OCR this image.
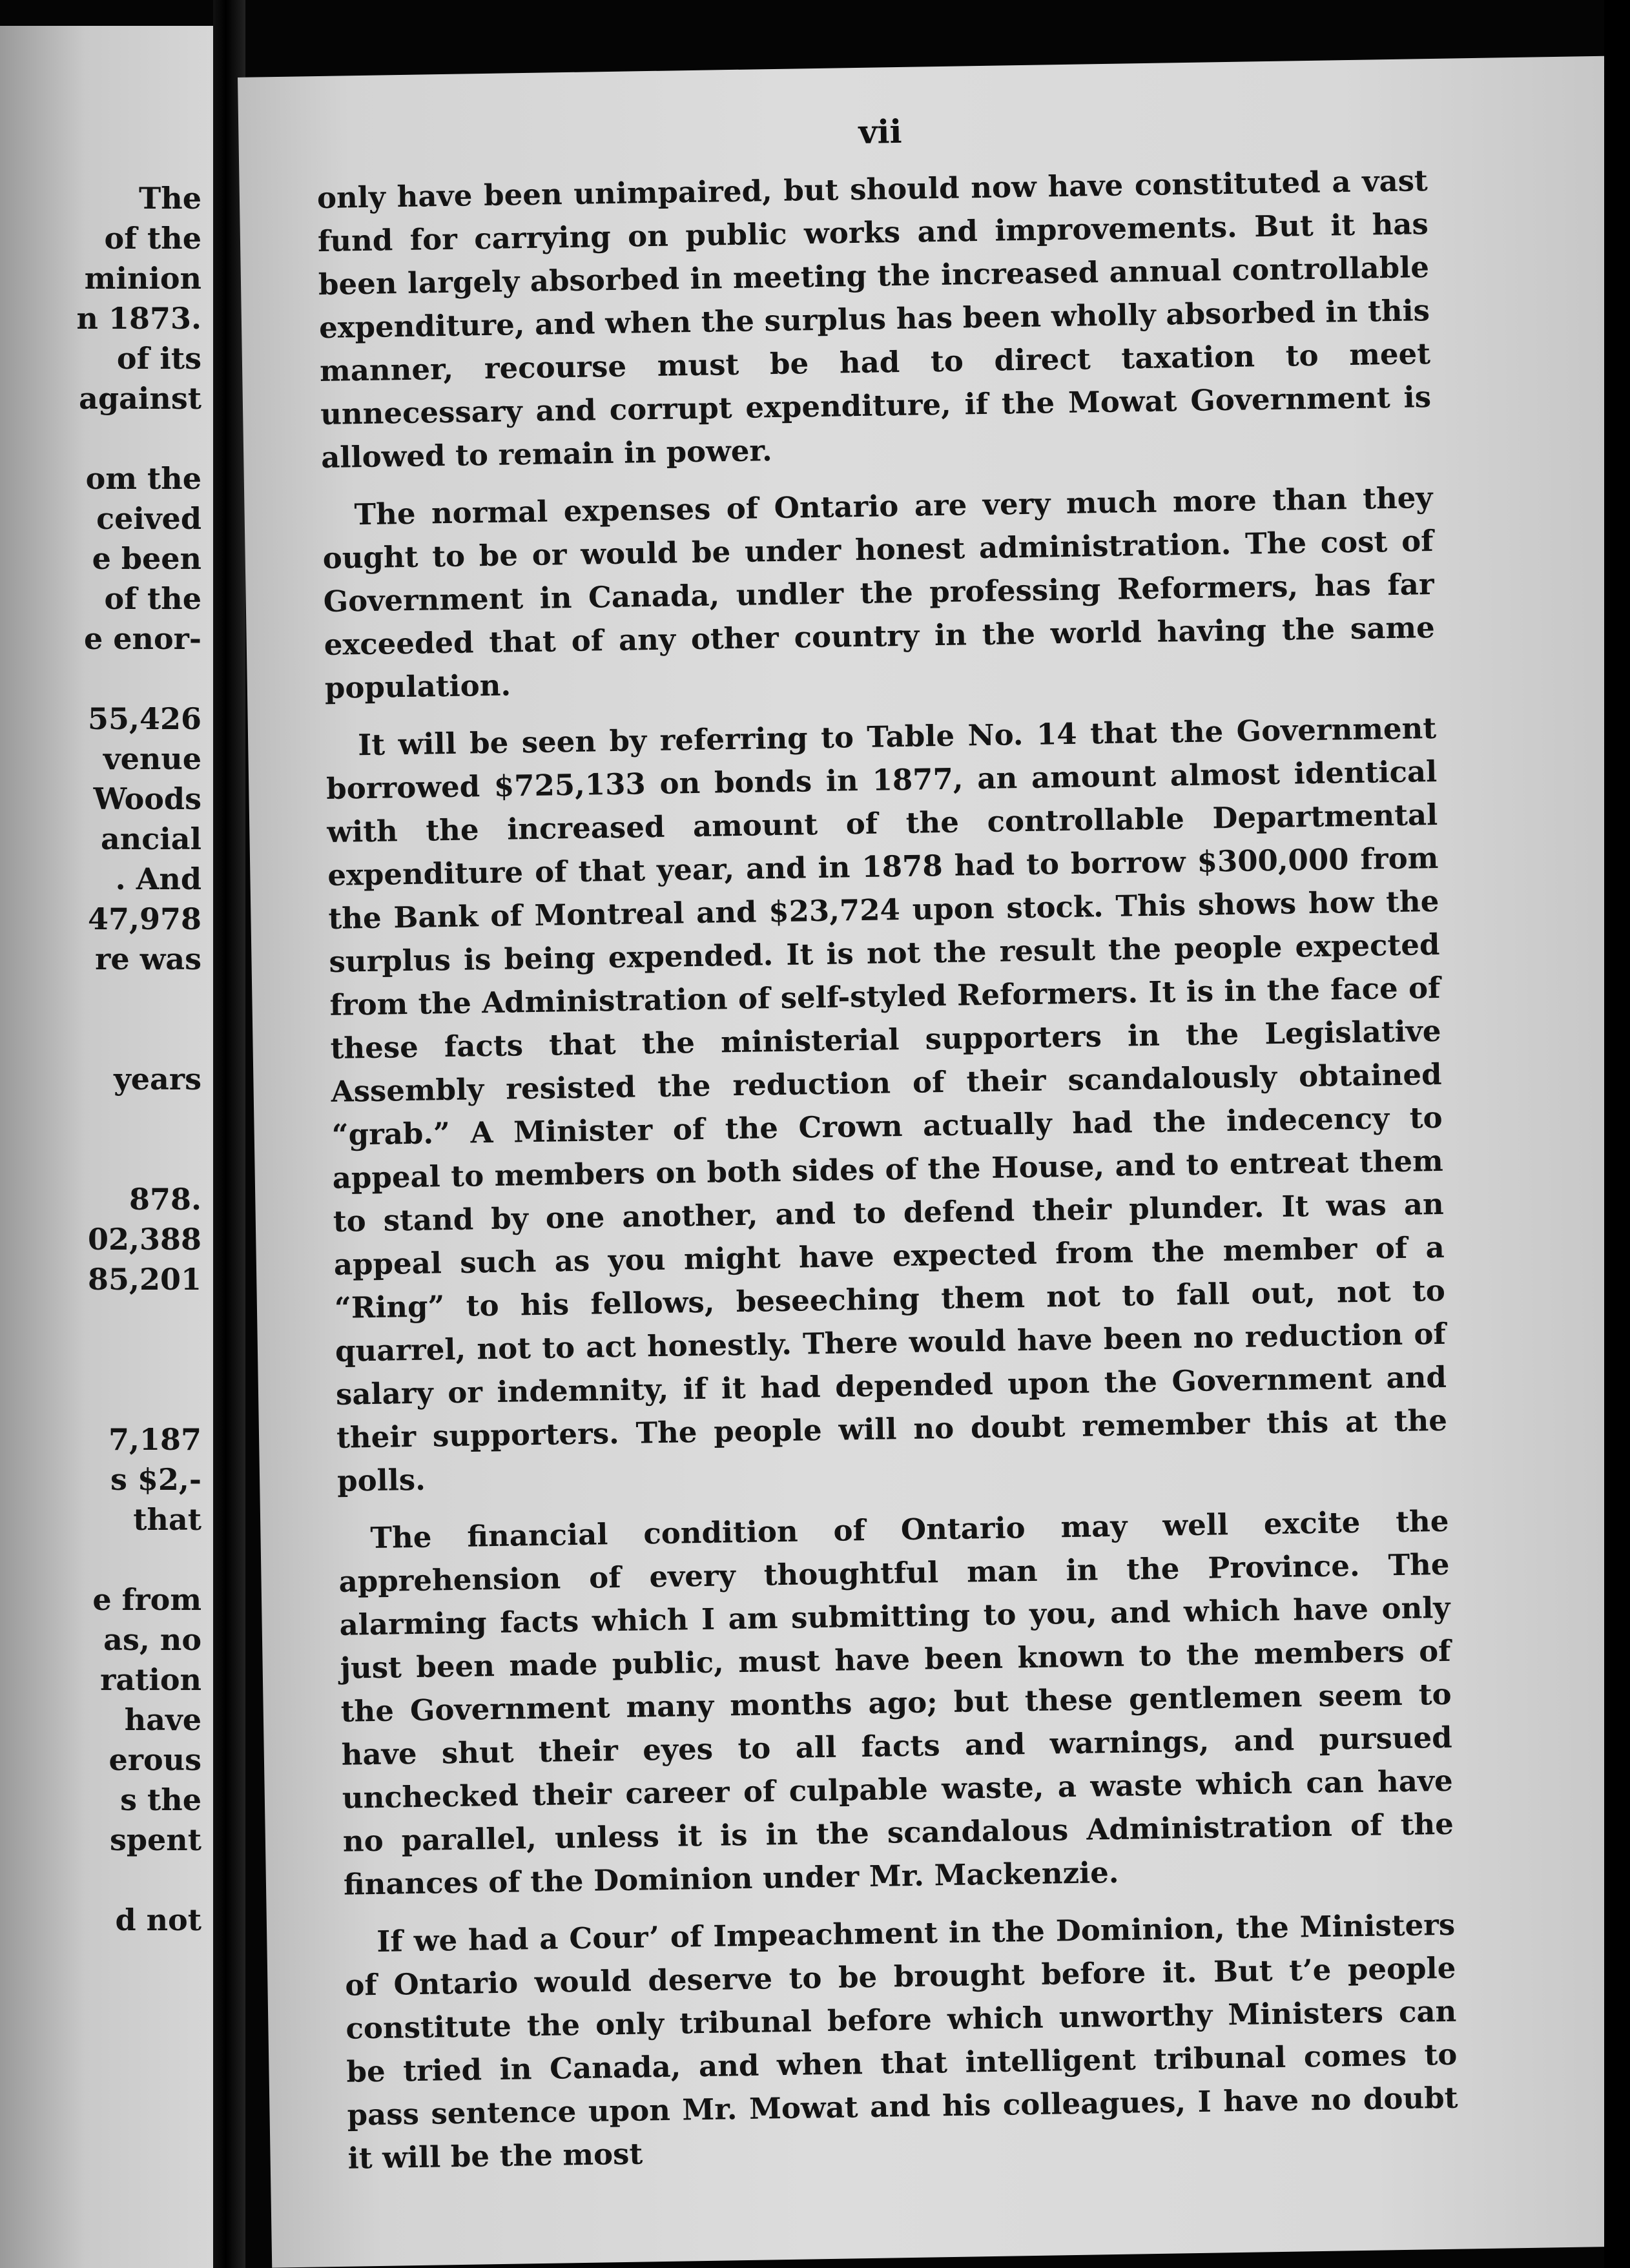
The
of the
minion
n 1873.
of its
against
om the
ceived
e been
of the
e enor-
55,426
venue
Woods
ancial
. And
47,978
re was
years
878.
02,388
85,201
7,187
s $2,-
that
e from
as, no
ration
have
erous
s the
spent
d not
vii

only have been unimpaired, but should now have constituted a vast fund for carrying on public works and improvements. But it has been largely absorbed in meeting the increased annual controllable expenditure, and when the surplus has been wholly absorbed in this manner, recourse must be had to direct taxation to meet unnecessary and corrupt expenditure, if the Mowat Government is allowed to remain in power.

The normal expenses of Ontario are very much more than they ought to be or would be under honest administration. The cost of Government in Canada, undler the professing Reformers, has far exceeded that of any other country in the world having the same population.

It will be seen by referring to Table No. 14 that the Government borrowed $725,133 on bonds in 1877, an amount almost identical with the increased amount of the controllable Departmental expenditure of that year, and in 1878 had to borrow $300,000 from the Bank of Montreal and $23,724 upon stock. This shows how the surplus is being expended. It is not the result the people expected from the Administration of self-styled Reformers. It is in the face of these facts that the ministerial supporters in the Legislative Assembly resisted the reduction of their scandalously obtained “grab.” A Minister of the Crown actually had the indecency to appeal to members on both sides of the House, and to entreat them to stand by one another, and to defend their plunder. It was an appeal such as you might have expected from the member of a “Ring” to his fellows, beseeching them not to fall out, not to quarrel, not to act honestly. There would have been no reduction of salary or indemnity, if it had depended upon the Government and their supporters. The people will no doubt remember this at the polls.

The financial condition of Ontario may well excite the apprehension of every thoughtful man in the Province. The alarming facts which I am submitting to you, and which have only just been made public, must have been known to the members of the Government many months ago; but these gentlemen seem to have shut their eyes to all facts and warnings, and pursued unchecked their career of culpable waste, a waste which can have no parallel, unless it is in the scandalous Administration of the finances of the Dominion under Mr. Mackenzie.

If we had a Cour’ of Impeachment in the Dominion, the Ministers of Ontario would deserve to be brought before it. But t’e people constitute the only tribunal before which unworthy Ministers can be tried in Canada, and when that intelligent tribunal comes to pass sentence upon Mr. Mowat and his colleagues, I have no doubt it will be the most
